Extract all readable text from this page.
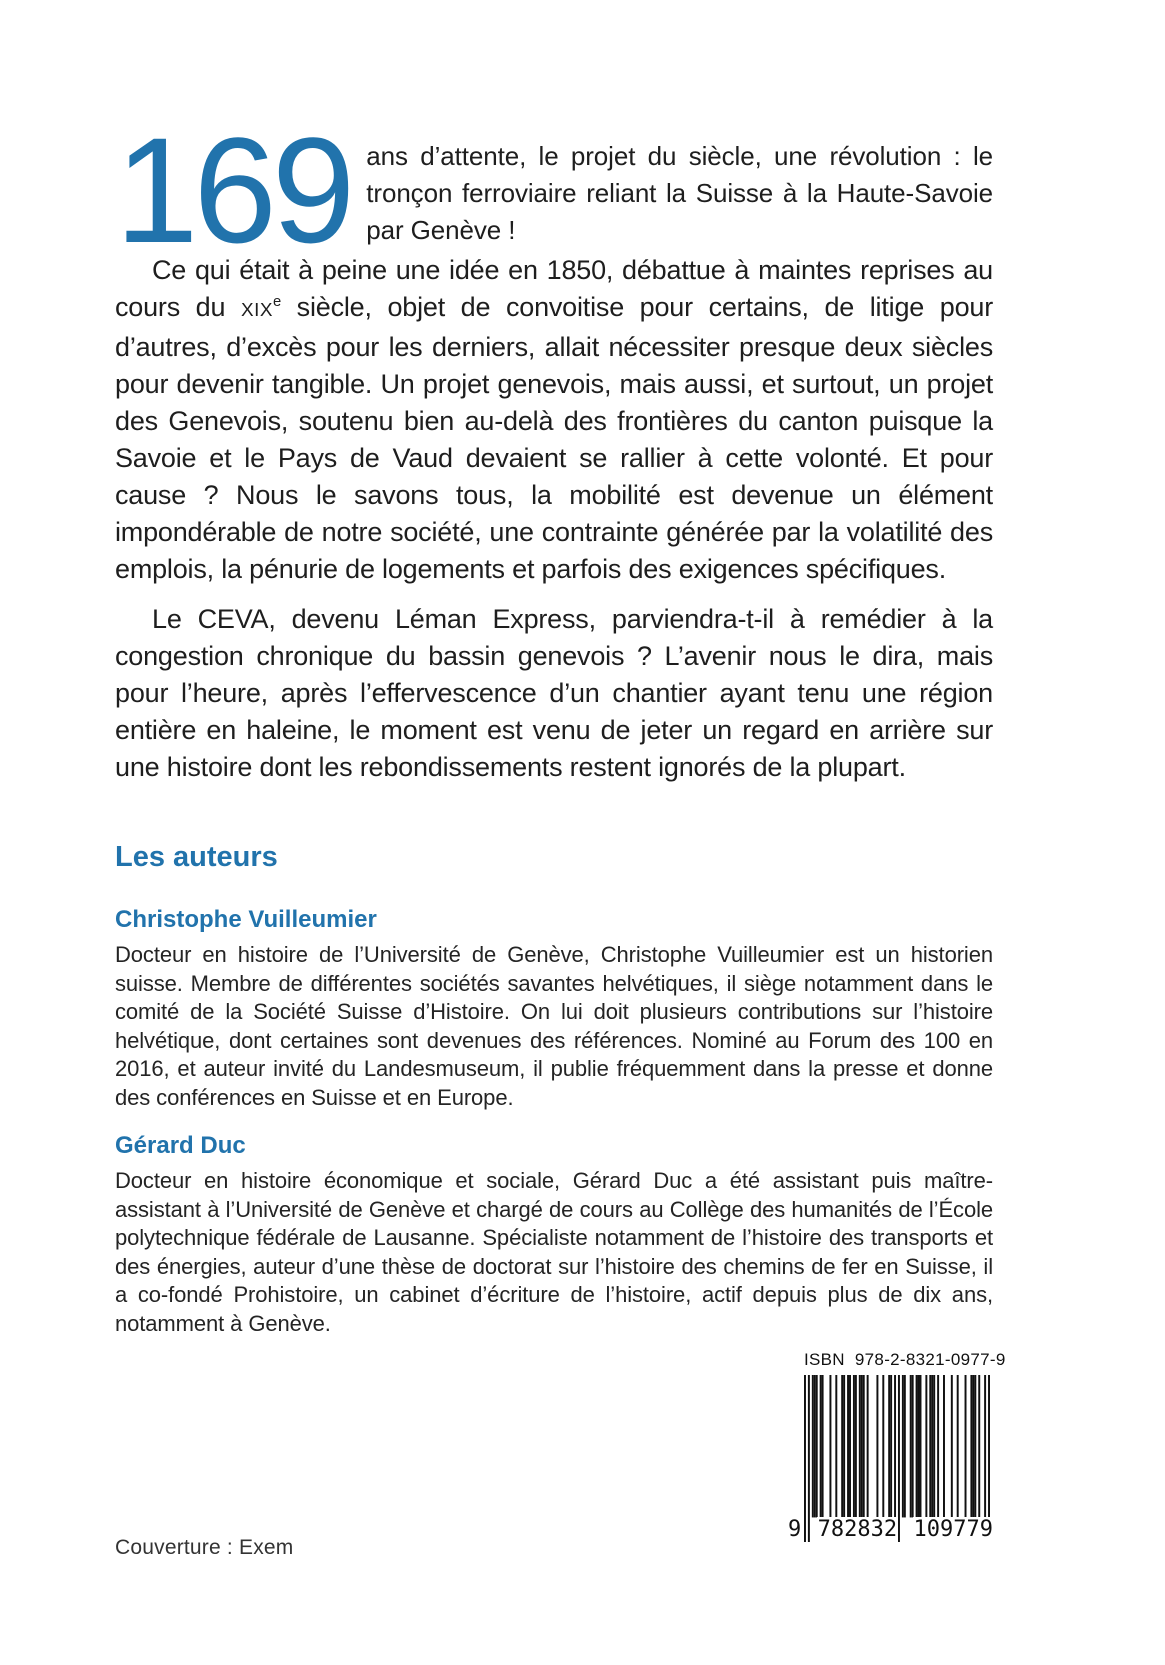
169 ans d’attente, le projet du siècle, une révolution : le tronçon ferroviaire reliant la Suisse à la Haute-Savoie par Genève !

Ce qui était à peine une idée en 1850, débattue à maintes reprises au cours du XIXe siècle, objet de convoitise pour certains, de litige pour d’autres, d’excès pour les derniers, allait nécessiter presque deux siècles pour devenir tangible. Un projet genevois, mais aussi, et surtout, un projet des Genevois, soutenu bien au-delà des frontières du canton puisque la Savoie et le Pays de Vaud devaient se rallier à cette volonté. Et pour cause ? Nous le savons tous, la mobilité est devenue un élément impondérable de notre société, une contrainte générée par la volatilité des emplois, la pénurie de logements et parfois des exigences spécifiques.

Le CEVA, devenu Léman Express, parviendra-t-il à remédier à la congestion chronique du bassin genevois ? L’avenir nous le dira, mais pour l’heure, après l’effervescence d’un chantier ayant tenu une région entière en haleine, le moment est venu de jeter un regard en arrière sur une histoire dont les rebondissements restent ignorés de la plupart.

Les auteurs
Christophe Vuilleumier

Docteur en histoire de l’Université de Genève, Christophe Vuilleumier est un historien suisse. Membre de différentes sociétés savantes helvétiques, il siège notamment dans le comité de la Société Suisse d’Histoire. On lui doit plusieurs contributions sur l’histoire helvétique, dont certaines sont devenues des références. Nominé au Forum des 100 en 2016, et auteur invité du Landesmuseum, il publie fréquemment dans la presse et donne des conférences en Suisse et en Europe.

Gérard Duc

Docteur en histoire économique et sociale, Gérard Duc a été assistant puis maître-assistant à l’Université de Genève et chargé de cours au Collège des humanités de l’École polytechnique fédérale de Lausanne. Spécialiste notamment de l’histoire des transports et des énergies, auteur d’une thèse de doctorat sur l’histoire des chemins de fer en Suisse, il a co-fondé Prohistoire, un cabinet d’écriture de l’histoire, actif depuis plus de dix ans, notamment à Genève.

Couverture : Exem
ISBN  978-2-8321-0977-9
9 782832 109779
